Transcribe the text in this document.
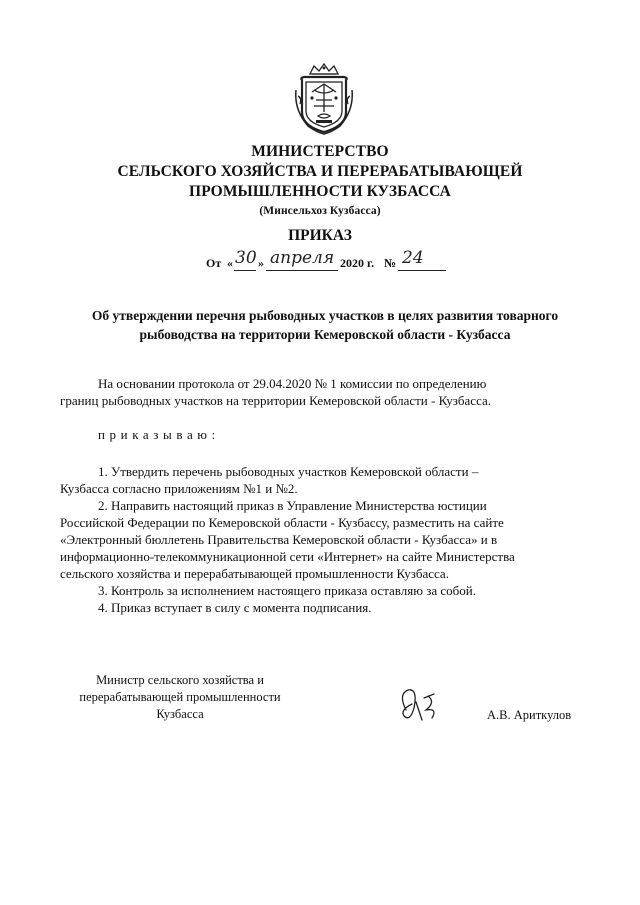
МИНИСТЕРСТВО
СЕЛЬСКОГО ХОЗЯЙСТВА И ПЕРЕРАБАТЫВАЮЩЕЙ
ПРОМЫШЛЕННОСТИ КУЗБАССА
(Минсельхоз Кузбасса)
ПРИКАЗ
От « 30 » апреля 2020 г. № 24
Об утверждении перечня рыбоводных участков в целях развития товарного
рыбоводства на территории Кемеровской области - Кузбасса
На основании протокола от 29.04.2020 № 1 комиссии по определению
границ рыбоводных участков на территории Кемеровской области - Кузбасса.
приказываю:
1. Утвердить перечень рыбоводных участков Кемеровской области –
Кузбасса согласно приложениям №1 и №2.
2. Направить настоящий приказ в Управление Министерства юстиции
Российской Федерации по Кемеровской области - Кузбассу, разместить на сайте
«Электронный бюллетень Правительства Кемеровской области - Кузбасса» и в
информационно-телекоммуникационной сети «Интернет» на сайте Министерства
сельского хозяйства и перерабатывающей промышленности Кузбасса.
3. Контроль за исполнением настоящего приказа оставляю за собой.
4. Приказ вступает в силу с момента подписания.
Министр сельского хозяйства и
перерабатывающей промышленности
Кузбасса	А.В. Ариткулов
